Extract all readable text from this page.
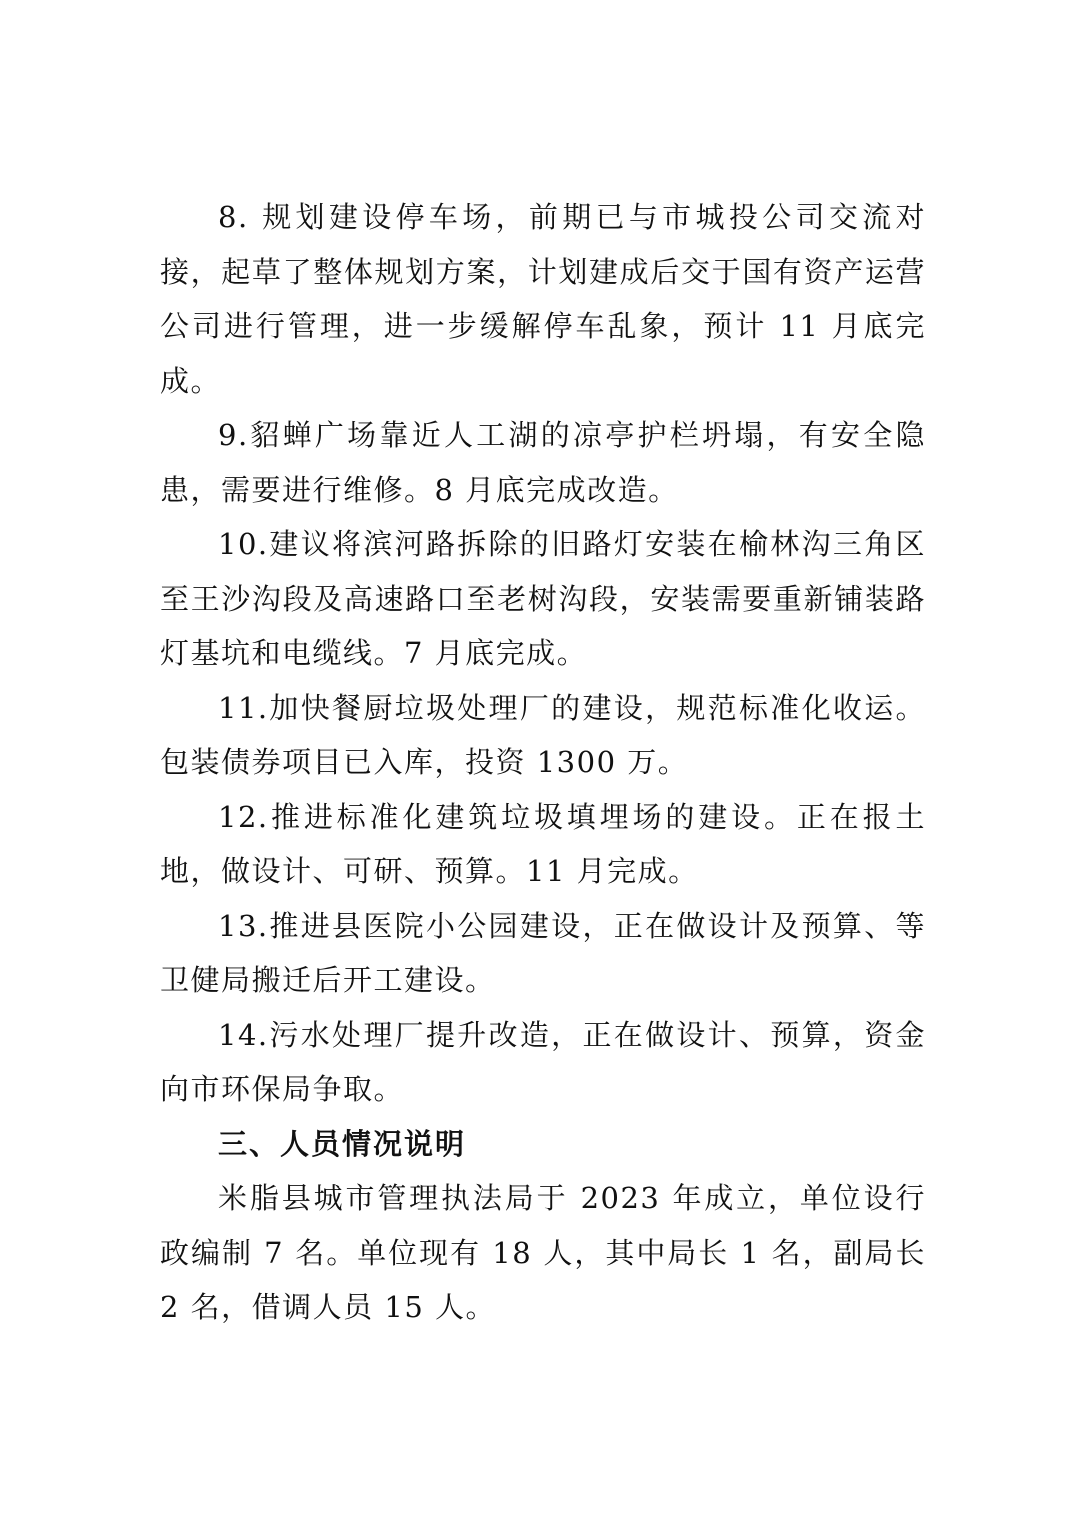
8. 规划建设停车场，前期已与市城投公司交流对接，起草了整体规划方案，计划建成后交于国有资产运营公司进行管理，进一步缓解停车乱象，预计 11 月底完成。

9.貂蝉广场靠近人工湖的凉亭护栏坍塌，有安全隐患，需要进行维修。8 月底完成改造。

10.建议将滨河路拆除的旧路灯安装在榆林沟三角区至王沙沟段及高速路口至老树沟段，安装需要重新铺装路灯基坑和电缆线。7 月底完成。

11.加快餐厨垃圾处理厂的建设，规范标准化收运。包装债券项目已入库，投资 1300 万。

12.推进标准化建筑垃圾填埋场的建设。正在报土地，做设计、可研、预算。11 月完成。

13.推进县医院小公园建设，正在做设计及预算、等卫健局搬迁后开工建设。

14.污水处理厂提升改造，正在做设计、预算，资金向市环保局争取。

三、人员情况说明

米脂县城市管理执法局于 2023 年成立，单位设行政编制 7 名。单位现有 18 人，其中局长 1 名，副局长 2 名，借调人员 15 人。
